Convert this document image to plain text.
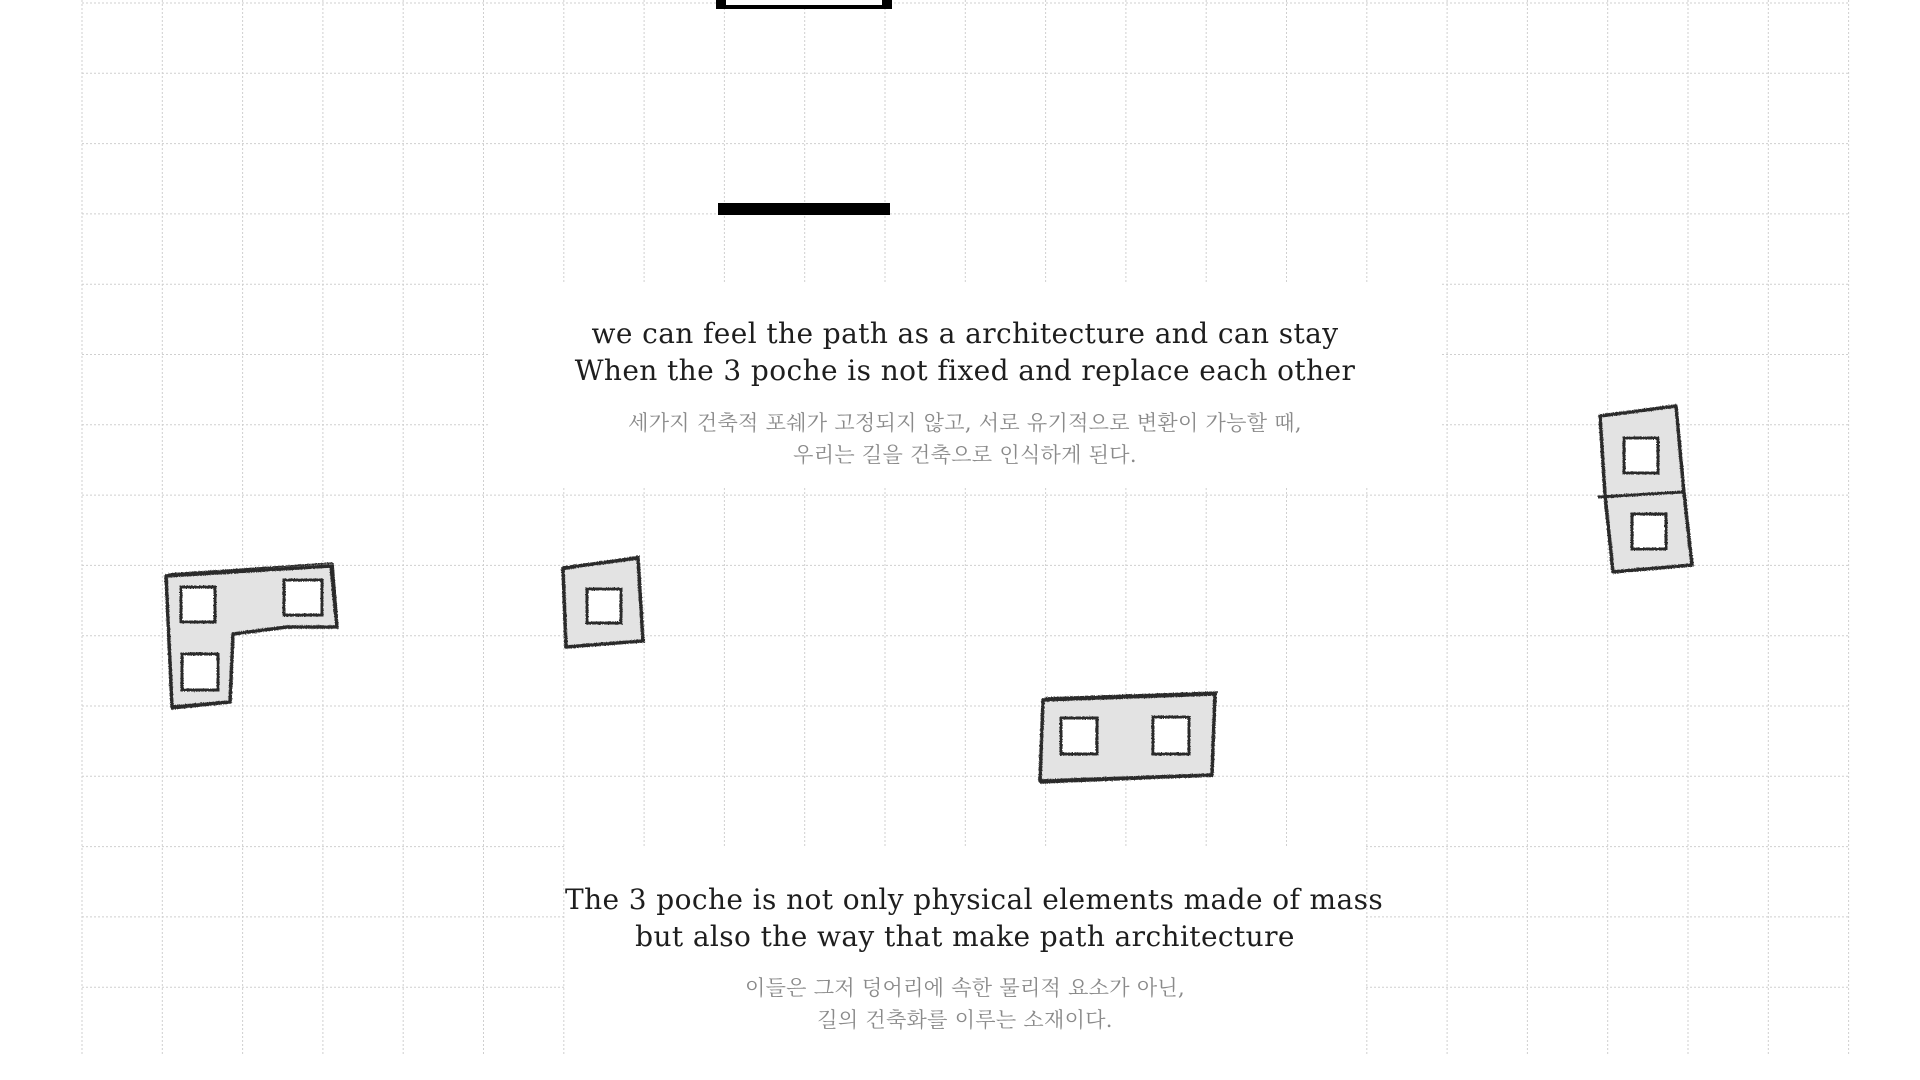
we can feel the path as a architecture and can stay
When the 3 poche is not fixed and replace each other
세가지 건축적 포쉐가 고정되지 않고, 서로 유기적으로 변환이 가능할 때,
우리는 길을 건축으로 인식하게 된다.
The 3 poche is not only physical elements made of mass
but also the way that make path architecture
이들은 그저 덩어리에 속한 물리적 요소가 아닌,
길의 건축화를 이루는 소재이다.
